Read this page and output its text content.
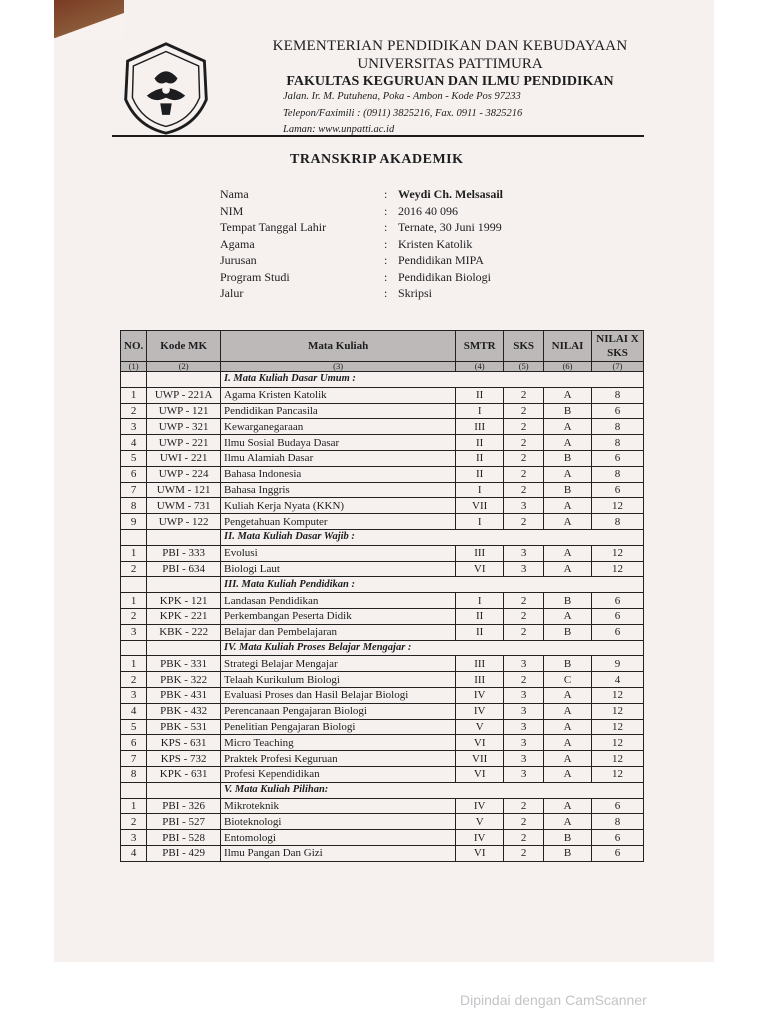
KEMENTERIAN PENDIDIKAN DAN KEBUDAYAAN
UNIVERSITAS PATTIMURA
FAKULTAS KEGURUAN DAN ILMU PENDIDIKAN
Jalan. Ir. M. Putuhena, Poka - Ambon - Kode Pos 97233
Telepon/Faximili : (0911) 3825216, Fax. 0911 - 3825216
Laman: www.unpatti.ac.id
TRANSKRIP AKADEMIK
Nama	: Weydi Ch. Melsasail
NIM	: 2016 40 096
Tempat Tanggal Lahir	: Ternate, 30 Juni 1999
Agama	: Kristen Katolik
Jurusan	: Pendidikan MIPA
Program Studi	: Pendidikan Biologi
Jalur	: Skripsi
NO.	Kode MK	Mata Kuliah	SMTR	SKS	NILAI	NILAI X SKS
(1)	(2)	(3)	(4)	(5)	(6)	(7)
		I. Mata Kuliah Dasar Umum :				
1	UWP - 221A	Agama Kristen Katolik	II	2	A	8
2	UWP - 121	Pendidikan Pancasila	I	2	B	6
3	UWP - 321	Kewarganegaraan	III	2	A	8
4	UWP - 221	Ilmu Sosial Budaya Dasar	II	2	A	8
5	UWI - 221	Ilmu Alamiah Dasar	II	2	B	6
6	UWP - 224	Bahasa Indonesia	II	2	A	8
7	UWM - 121	Bahasa Inggris	I	2	B	6
8	UWM - 731	Kuliah Kerja Nyata (KKN)	VII	3	A	12
9	UWP - 122	Pengetahuan Komputer	I	2	A	8
		II. Mata Kuliah Dasar Wajib :				
1	PBI - 333	Evolusi	III	3	A	12
2	PBI - 634	Biologi Laut	VI	3	A	12
		III. Mata Kuliah Pendidikan :				
1	KPK - 121	Landasan Pendidikan	I	2	B	6
2	KPK - 221	Perkembangan Peserta Didik	II	2	A	6
3	KBK - 222	Belajar dan Pembelajaran	II	2	B	6
		IV. Mata Kuliah Proses Belajar Mengajar :				
1	PBK - 331	Strategi Belajar Mengajar	III	3	B	9
2	PBK - 322	Telaah Kurikulum Biologi	III	2	C	4
3	PBK - 431	Evaluasi Proses dan Hasil Belajar Biologi	IV	3	A	12
4	PBK - 432	Perencanaan Pengajaran Biologi	IV	3	A	12
5	PBK - 531	Penelitian Pengajaran Biologi	V	3	A	12
6	KPS - 631	Micro Teaching	VI	3	A	12
7	KPS - 732	Praktek Profesi Keguruan	VII	3	A	12
8	KPK - 631	Profesi Kependidikan	VI	3	A	12
		V. Mata Kuliah Pilihan:				
1	PBI - 326	Mikroteknik	IV	2	A	6
2	PBI - 527	Bioteknologi	V	2	A	8
3	PBI - 528	Entomologi	IV	2	B	6
4	PBI - 429	Ilmu Pangan Dan Gizi	VI	2	B	6
Dipindai dengan CamScanner
